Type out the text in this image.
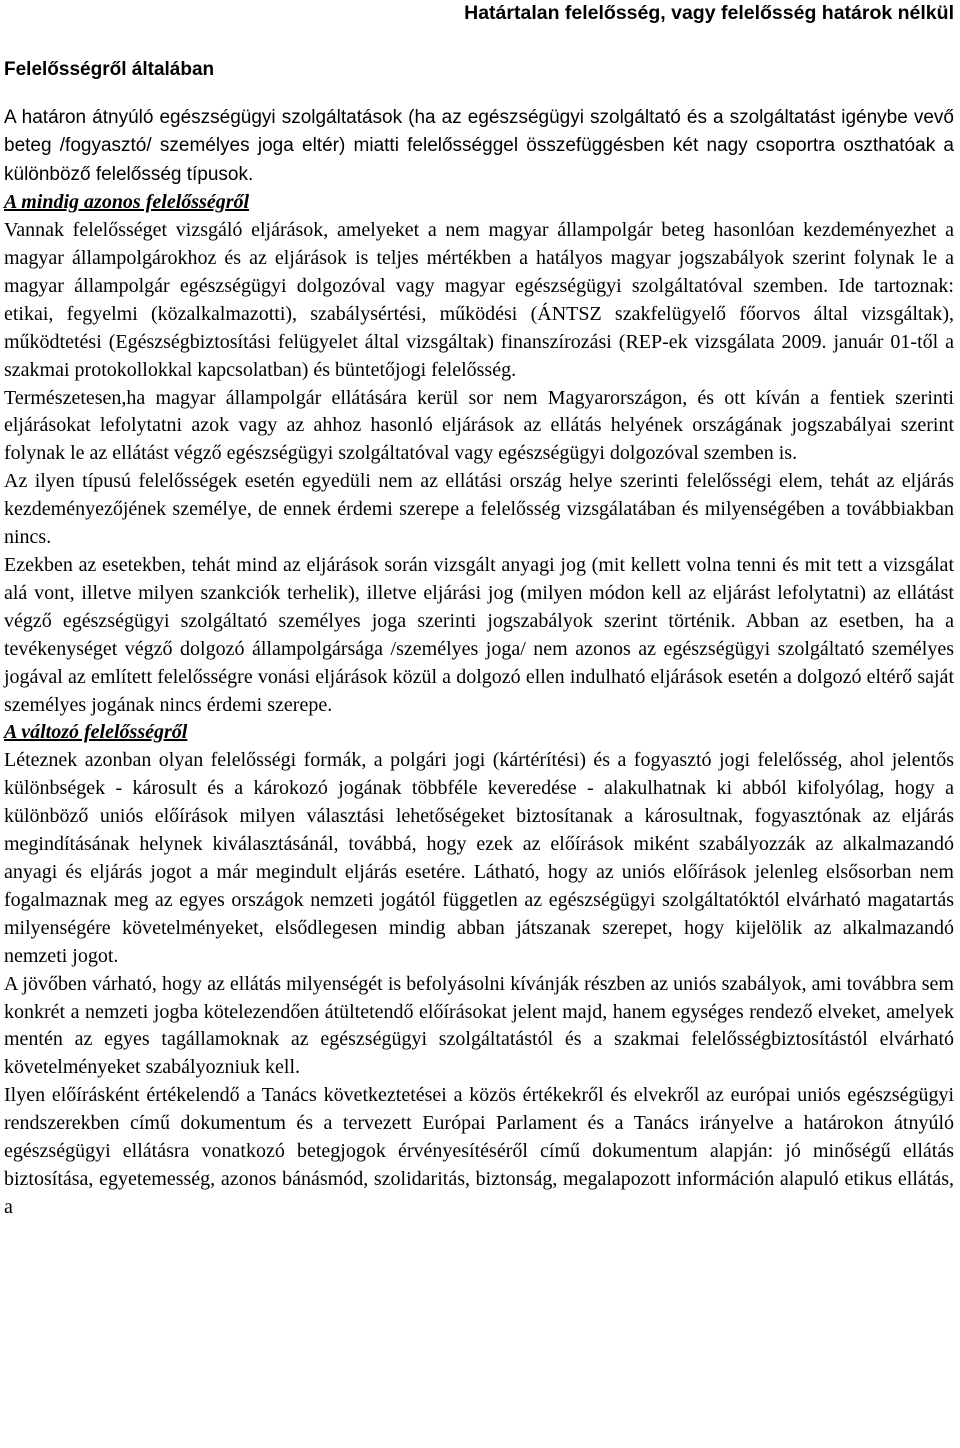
Határtalan felelősség, vagy felelősség határok nélkül
Felelősségről általában

A határon átnyúló egészségügyi szolgáltatások (ha az egészségügyi szolgáltató és a szolgáltatást igénybe vevő beteg /fogyasztó/ személyes joga eltér) miatti felelősséggel összefüggésben két nagy csoportra oszthatóak a különböző felelősség típusok.

A mindig azonos felelősségről

Vannak felelősséget vizsgáló eljárások, amelyeket a nem magyar állampolgár beteg hasonlóan kezdeményezhet a magyar állampolgárokhoz és az eljárások is teljes mértékben a hatályos magyar jogszabályok szerint folynak le a magyar állampolgár egészségügyi dolgozóval vagy magyar egészségügyi szolgáltatóval szemben. Ide tartoznak: etikai, fegyelmi (közalkalmazotti), szabálysértési, működési (ÁNTSZ szakfelügyelő főorvos által vizsgáltak), működtetési (Egészségbiztosítási felügyelet által vizsgáltak) finanszírozási (REP-ek vizsgálata 2009. január 01-től a szakmai protokollokkal kapcsolatban) és büntetőjogi felelősség.

Természetesen,ha magyar állampolgár ellátására kerül sor nem Magyarországon, és ott kíván a fentiek szerinti eljárásokat lefolytatni azok vagy az ahhoz hasonló eljárások az ellátás helyének országának jogszabályai szerint folynak le az ellátást végző egészségügyi szolgáltatóval vagy egészségügyi dolgozóval szemben is.

Az ilyen típusú felelősségek esetén egyedüli nem az ellátási ország helye szerinti felelősségi elem, tehát az eljárás kezdeményezőjének személye, de ennek érdemi szerepe a felelősség vizsgálatában és milyenségében a továbbiakban nincs.

Ezekben az esetekben, tehát mind az eljárások során vizsgált anyagi jog (mit kellett volna tenni és mit tett a vizsgálat alá vont, illetve milyen szankciók terhelik), illetve eljárási jog (milyen módon kell az eljárást lefolytatni) az ellátást végző egészségügyi szolgáltató személyes joga szerinti jogszabályok szerint történik. Abban az esetben, ha a tevékenységet végző dolgozó állampolgársága /személyes joga/ nem azonos az egészségügyi szolgáltató személyes jogával az említett felelősségre vonási eljárások közül a dolgozó ellen indulható eljárások esetén a dolgozó eltérő saját személyes jogának nincs érdemi szerepe.

A változó felelősségről

Léteznek azonban olyan felelősségi formák, a polgári jogi (kártérítési) és a fogyasztó jogi felelősség, ahol jelentős különbségek - károsult és a károkozó jogának többféle keveredése - alakulhatnak ki abból kifolyólag, hogy a különböző uniós előírások milyen választási lehetőségeket biztosítanak a károsultnak, fogyasztónak az eljárás megindításának helynek kiválasztásánál, továbbá, hogy ezek az előírások miként szabályozzák az alkalmazandó anyagi és eljárás jogot a már megindult eljárás esetére. Látható, hogy az uniós előírások jelenleg elsősorban nem fogalmaznak meg az egyes országok nemzeti jogától független az egészségügyi szolgáltatóktól elvárható magatartás milyenségére követelményeket, elsődlegesen mindig abban játszanak szerepet, hogy kijelölik az alkalmazandó nemzeti jogot.

A jövőben várható, hogy az ellátás milyenségét is befolyásolni kívánják részben az uniós szabályok, ami továbbra sem konkrét a nemzeti jogba kötelezendően átültetendő előírásokat jelent majd, hanem egységes rendező elveket, amelyek mentén az egyes tagállamoknak az egészségügyi szolgáltatástól és a szakmai felelősségbiztosítástól elvárható követelményeket szabályozniuk kell.

Ilyen előírásként értékelendő a Tanács következtetései a közös értékekről és elvekről az európai uniós egészségügyi rendszerekben című dokumentum és a tervezett Európai Parlament és a Tanács irányelve a határokon átnyúló egészségügyi ellátásra vonatkozó betegjogok érvényesítéséről című dokumentum alapján: jó minőségű ellátás biztosítása, egyetemesség, azonos bánásmód, szolidaritás, biztonság, megalapozott információn alapuló etikus ellátás, a
